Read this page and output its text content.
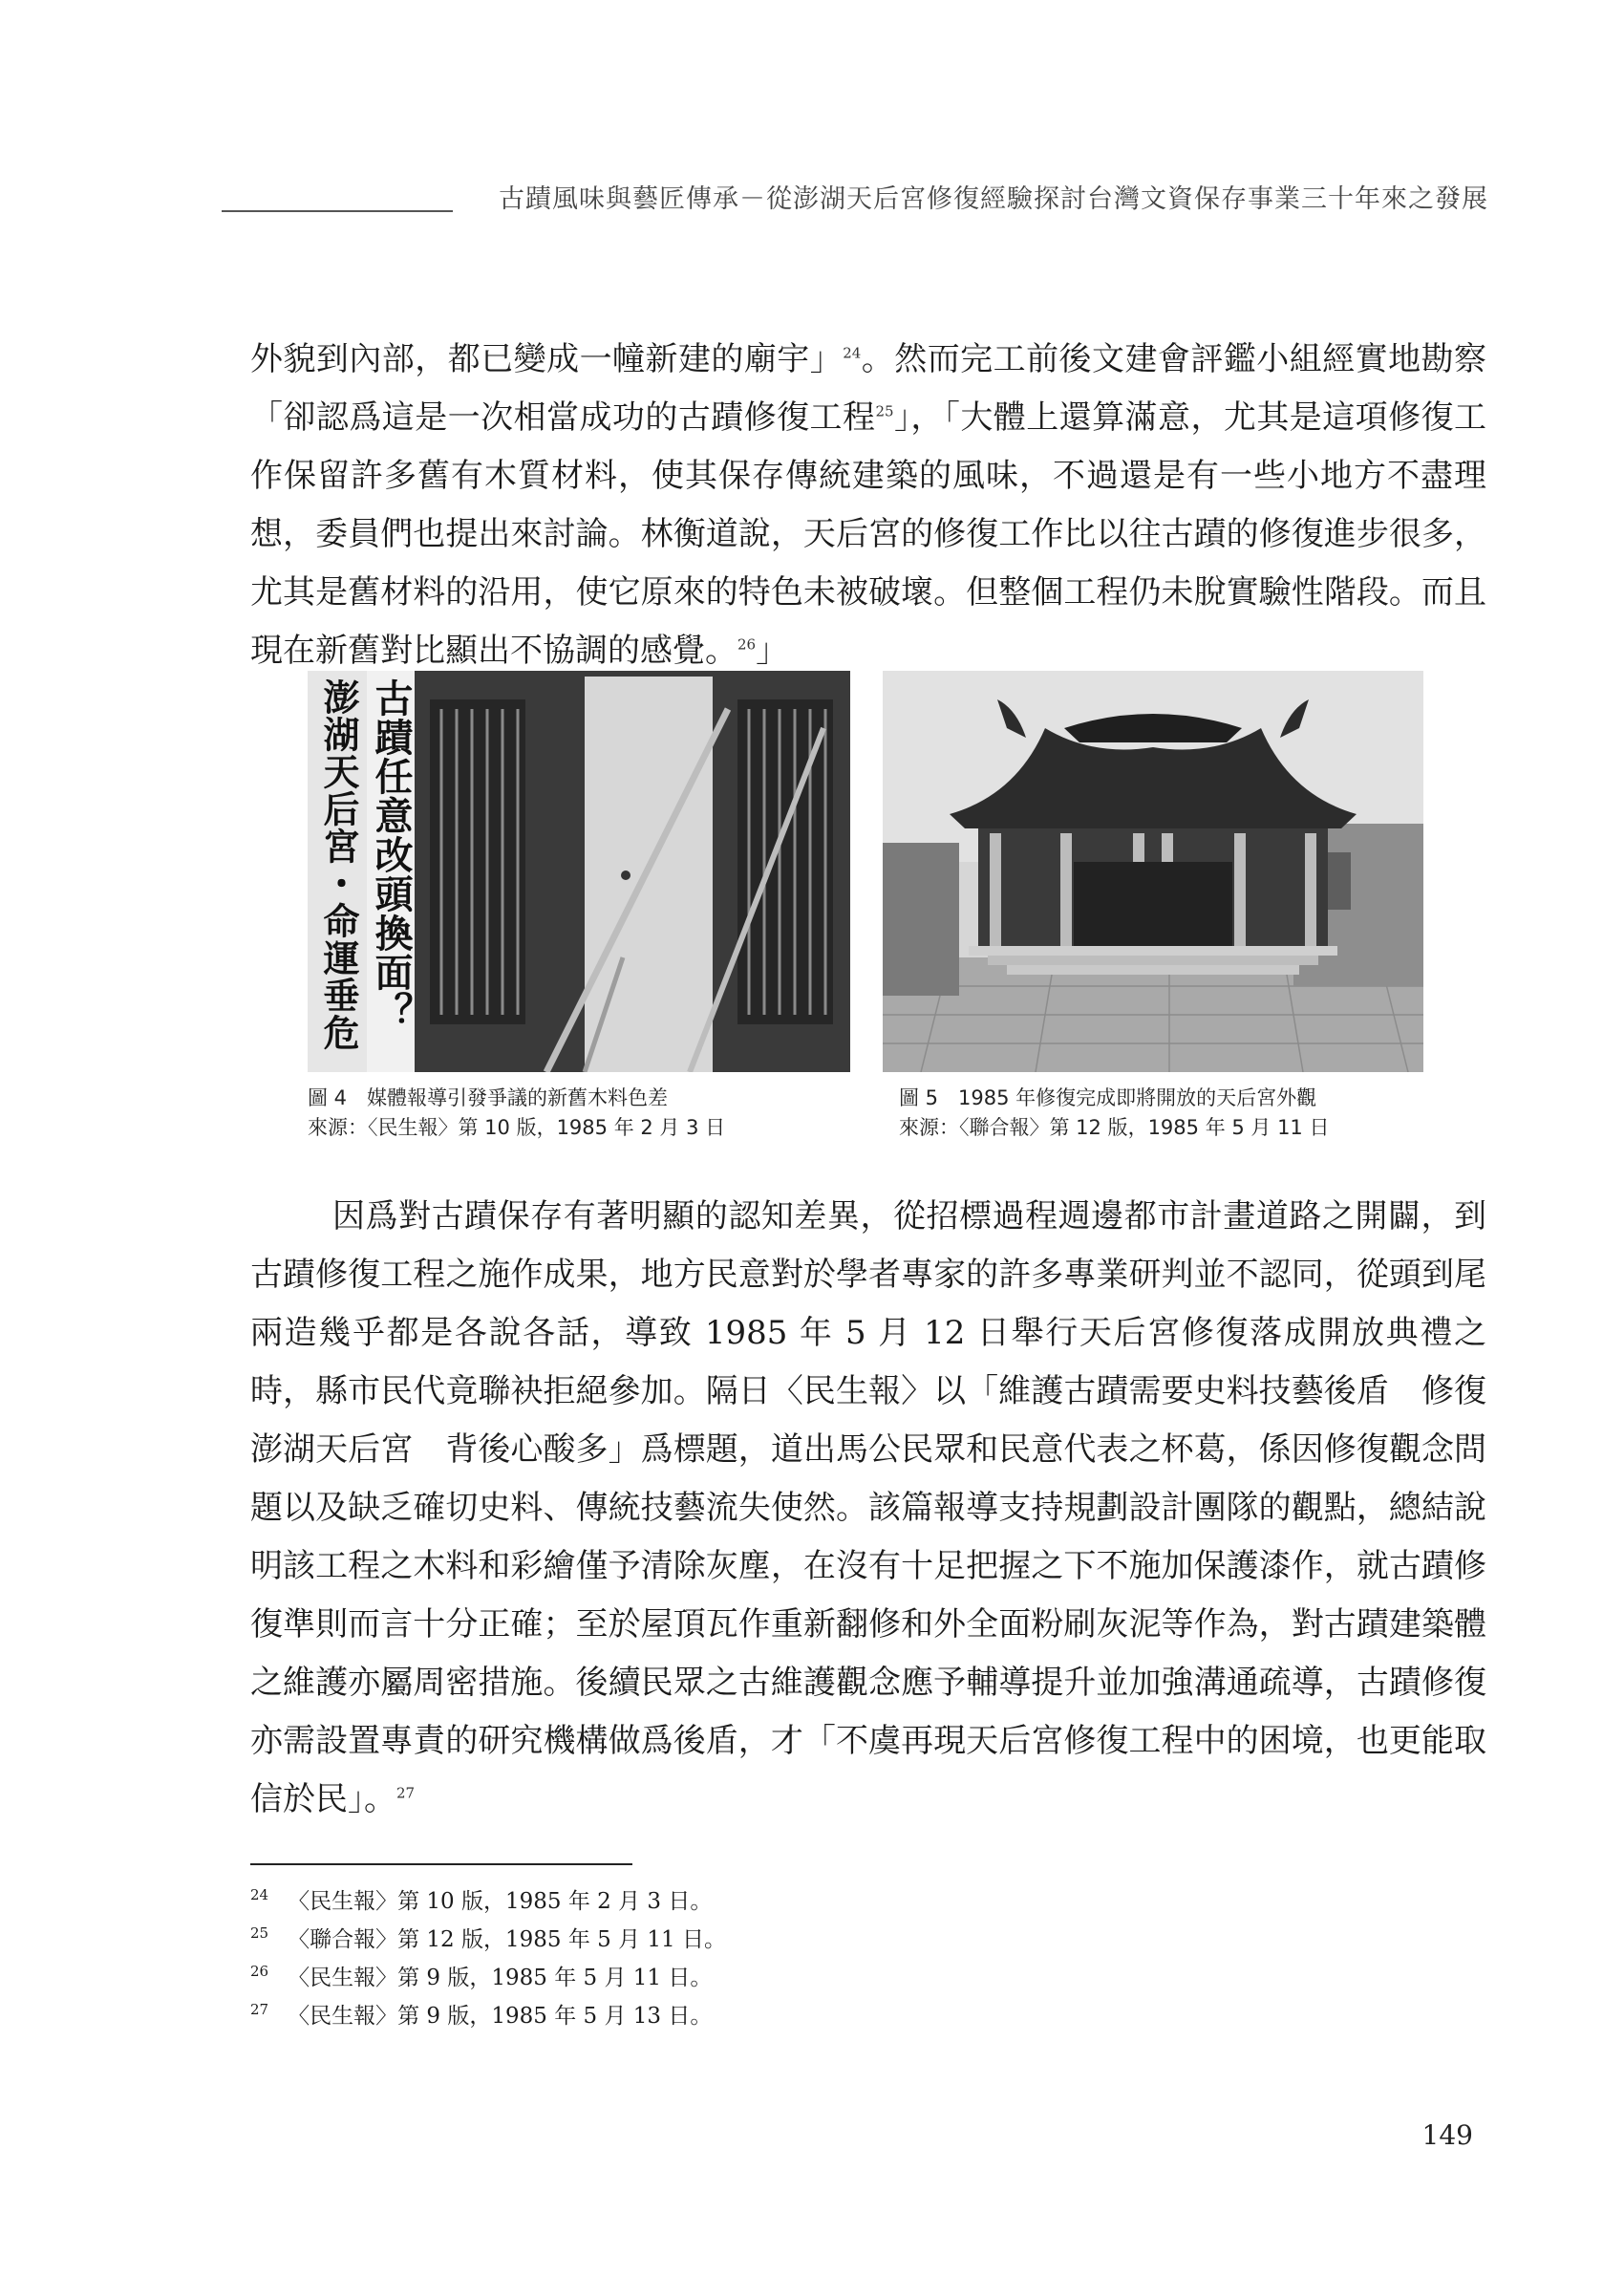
古蹟風味與藝匠傳承－從澎湖天后宮修復經驗探討台灣文資保存事業三十年來之發展

外貌到內部，都已變成一幢新建的廟宇」$^{24}$。然而完工前後文建會評鑑小組經實地勘察「卻認爲這是一次相當成功的古蹟修復工程$^{25}$」，「大體上還算滿意，尤其是這項修復工作保留許多舊有木質材料，使其保存傳統建築的風味，不過還是有一些小地方不盡理想，委員們也提出來討論。林衡道說，天后宮的修復工作比以往古蹟的修復進步很多，尤其是舊材料的沿用，使它原來的特色未被破壞。但整個工程仍未脫實驗性階段。而且現在新舊對比顯出不協調的感覺。$^{26}$」

古蹟任意改頭換面？
澎湖天后宮・命運垂危
圖 4　媒體報導引發爭議的新舊木料色差
來源：〈民生報〉第 10 版，1985 年 2 月 3 日
圖 5　1985 年修復完成即將開放的天后宮外觀
來源：〈聯合報〉第 12 版，1985 年 5 月 11 日

因爲對古蹟保存有著明顯的認知差異，從招標過程週邊都市計畫道路之開闢，到古蹟修復工程之施作成果，地方民意對於學者專家的許多專業研判並不認同，從頭到尾兩造幾乎都是各說各話，導致 1985 年 5 月 12 日舉行天后宮修復落成開放典禮之時，縣市民代竟聯袂拒絕參加。隔日〈民生報〉以「維護古蹟需要史料技藝後盾　修復澎湖天后宮　背後心酸多」爲標題，道出馬公民眾和民意代表之杯葛，係因修復觀念問題以及缺乏確切史料、傳統技藝流失使然。該篇報導支持規劃設計團隊的觀點，總結說明該工程之木料和彩繪僅予清除灰塵，在沒有十足把握之下不施加保護漆作，就古蹟修復準則而言十分正確；至於屋頂瓦作重新翻修和外全面粉刷灰泥等作為，對古蹟建築體之維護亦屬周密措施。後續民眾之古維護觀念應予輔導提升並加強溝通疏導，古蹟修復亦需設置專責的研究機構做爲後盾，才「不虞再現天后宮修復工程中的困境，也更能取信於民」。$^{27}$

24 〈民生報〉第 10 版，1985 年 2 月 3 日。
25 〈聯合報〉第 12 版，1985 年 5 月 11 日。
26 〈民生報〉第 9 版，1985 年 5 月 11 日。
27 〈民生報〉第 9 版，1985 年 5 月 13 日。
149
